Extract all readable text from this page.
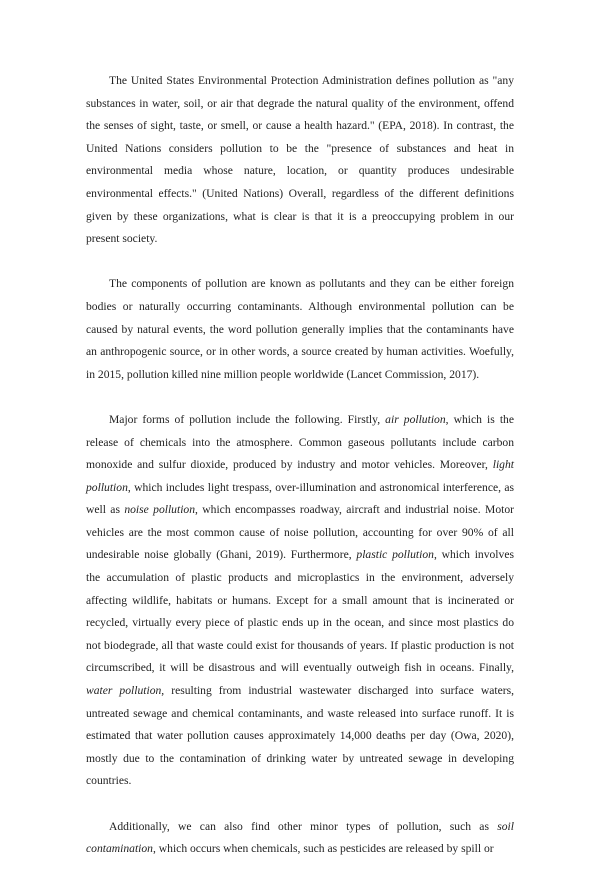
The United States Environmental Protection Administration defines pollution as "any substances in water, soil, or air that degrade the natural quality of the environment, offend the senses of sight, taste, or smell, or cause a health hazard." (EPA, 2018). In contrast, the United Nations considers pollution to be the "presence of substances and heat in environmental media whose nature, location, or quantity produces undesirable environmental effects." (United Nations) Overall, regardless of the different definitions given by these organizations, what is clear is that it is a preoccupying problem in our present society.

The components of pollution are known as pollutants and they can be either foreign bodies or naturally occurring contaminants. Although environmental pollution can be caused by natural events, the word pollution generally implies that the contaminants have an anthropogenic source, or in other words, a source created by human activities. Woefully, in 2015, pollution killed nine million people worldwide (Lancet Commission, 2017).

Major forms of pollution include the following. Firstly, air pollution, which is the release of chemicals into the atmosphere. Common gaseous pollutants include carbon monoxide and sulfur dioxide, produced by industry and motor vehicles. Moreover, light pollution, which includes light trespass, over-illumination and astronomical interference, as well as noise pollution, which encompasses roadway, aircraft and industrial noise. Motor vehicles are the most common cause of noise pollution, accounting for over 90% of all undesirable noise globally (Ghani, 2019). Furthermore, plastic pollution, which involves the accumulation of plastic products and microplastics in the environment, adversely affecting wildlife, habitats or humans. Except for a small amount that is incinerated or recycled, virtually every piece of plastic ends up in the ocean, and since most plastics do not biodegrade, all that waste could exist for thousands of years. If plastic production is not circumscribed, it will be disastrous and will eventually outweigh fish in oceans. Finally, water pollution, resulting from industrial wastewater discharged into surface waters, untreated sewage and chemical contaminants, and waste released into surface runoff. It is estimated that water pollution causes approximately 14,000 deaths per day (Owa, 2020), mostly due to the contamination of drinking water by untreated sewage in developing countries.

Additionally, we can also find other minor types of pollution, such as soil contamination, which occurs when chemicals, such as pesticides are released by spill or
